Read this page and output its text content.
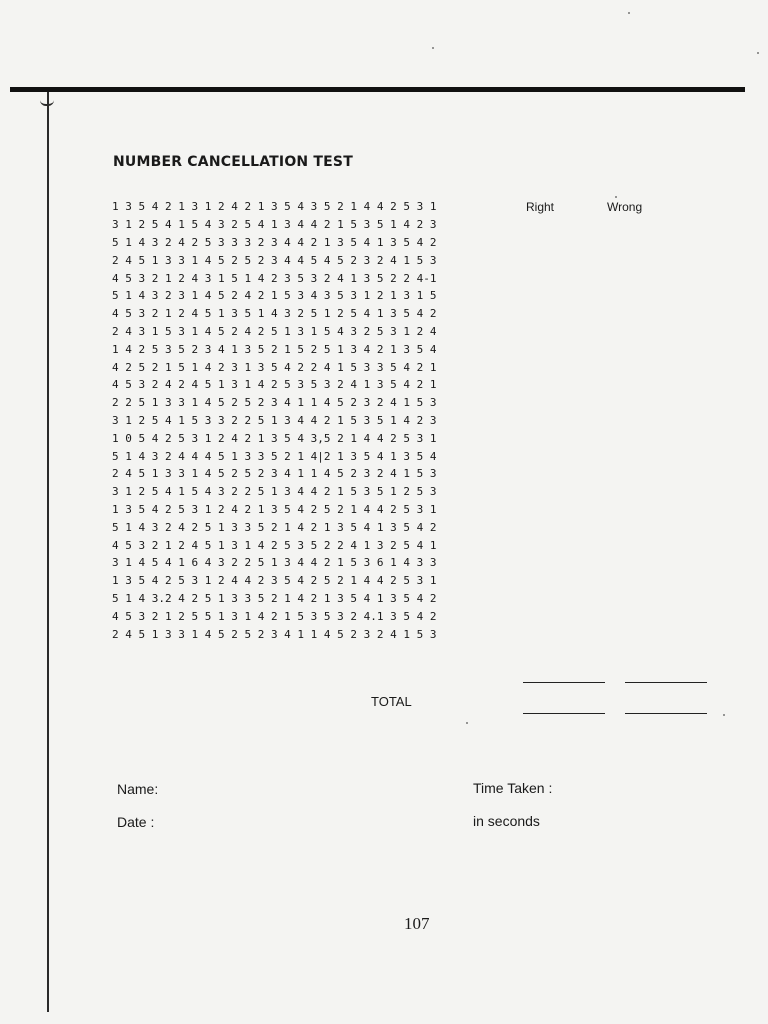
NUMBER CANCELLATION TEST
1 3 5 4 2 1 3 1 2 4 2 1 3 5 4 3 5 2 1 4 4 2 5 3 1
3 1 2 5 4 1 5 4 3 2 5 4 1 3 4 4 2 1 5 3 5 1 4 2 3
5 1 4 3 2 4 2 5 3 3 3 2 3 4 4 2 1 3 5 4 1 3 5 4 2
2 4 5 1 3 3 1 4 5 2 5 2 3 4 4 5 4 5 2 3 2 4 1 5 3
4 5 3 2 1 2 4 3 1 5 1 4 2 3 5 3 2 4 1 3 5 2 2 4-1
5 1 4 3 2 3 1 4 5 2 4 2 1 5 3 4 3 5 3 1 2 1 3 1 5
4 5 3 2 1 2 4 5 1 3 5 1 4 3 2 5 1 2 5 4 1 3 5 4 2
2 4 3 1 5 3 1 4 5 2 4 2 5 1 3 1 5 4 3 2 5 3 1 2 4
1 4 2 5 3 5 2 3 4 1 3 5 2 1 5 2 5 1 3 4 2 1 3 5 4
4 2 5 2 1 5 1 4 2 3 1 3 5 4 2 2 4 1 5 3 3 5 4 2 1
4 5 3 2 4 2 4 5 1 3 1 4 2 5 3 5 3 2 4 1 3 5 4 2 1
2 2 5 1 3 3 1 4 5 2 5 2 3 4 1 1 4 5 2 3 2 4 1 5 3
3 1 2 5 4 1 5 3 3 2 2 5 1 3 4 4 2 1 5 3 5 1 4 2 3
1 0 5 4 2 5 3 1 2 4 2 1 3 5 4 3,5 2 1 4 4 2 5 3 1
5 1 4 3 2 4 4 4 5 1 3 3 5 2 1 4|2 1 3 5 4 1 3 5 4
2 4 5 1 3 3 1 4 5 2 5 2 3 4 1 1 4 5 2 3 2 4 1 5 3
3 1 2 5 4 1 5 4 3 2 2 5 1 3 4 4 2 1 5 3 5 1 2 5 3
1 3 5 4 2 5 3 1 2 4 2 1 3 5 4 2 5 2 1 4 4 2 5 3 1
5 1 4 3 2 4 2 5 1 3 3 5 2 1 4 2 1 3 5 4 1 3 5 4 2
4 5 3 2 1 2 4 5 1 3 1 4 2 5 3 5 2 2 4 1 3 2 5 4 1
3 1 4 5 4 1 6 4 3 2 2 5 1 3 4 4 2 1 5 3 6 1 4 3 3
1 3 5 4 2 5 3 1 2 4 4 2 3 5 4 2 5 2 1 4 4 2 5 3 1
5 1 4 3.2 4 2 5 1 3 3 5 2 1 4 2 1 3 5 4 1 3 5 4 2
4 5 3 2 1 2 5 5 1 3 1 4 2 1 5 3 5 3 2 4.1 3 5 4 2
2 4 5 1 3 3 1 4 5 2 5 2 3 4 1 1 4 5 2 3 2 4 1 5 3
Right	Wrong
TOTAL
Name:
Date :
Time Taken :
in seconds
107
